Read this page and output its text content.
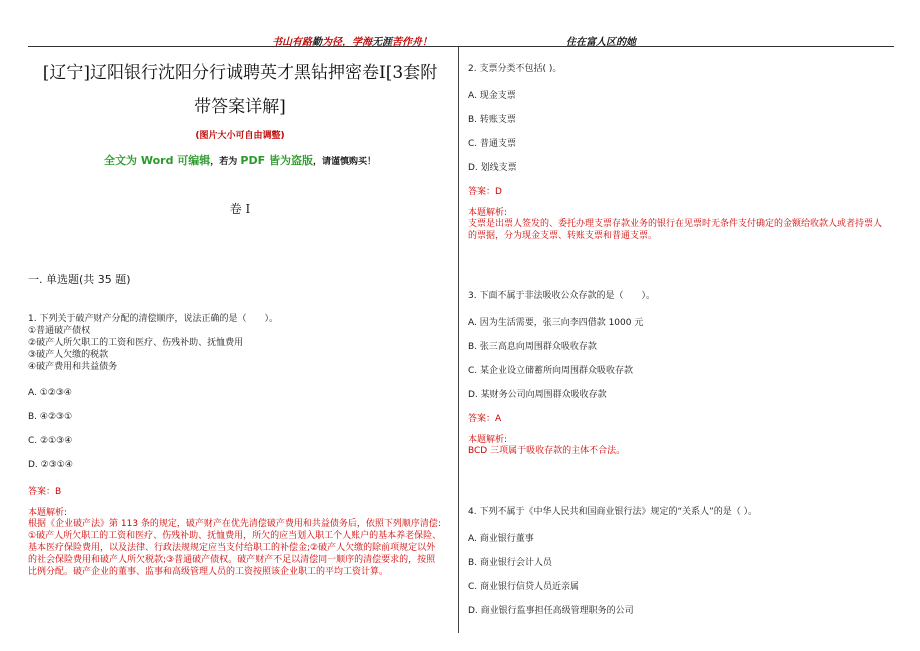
书山有路勤为径，学海无涯苦作舟！	住在富人区的她
[辽宁]辽阳银行沈阳分行诚聘英才黑钻押密卷I[3套附
带答案详解]
(图片大小可自由调整)
全文为 Word 可编辑，若为 PDF 皆为盗版，请谨慎购买！
卷 I
一. 单选题(共 35 题)
1. 下列关于破产财产分配的清偿顺序，说法正确的是（　　）。
①普通破产债权
②破产人所欠职工的工资和医疗、伤残补助、抚恤费用
③破产人欠缴的税款
④破产费用和共益债务
A. ①②③④
B. ④②③①
C. ②①③④
D. ②③①④
答案：B
本题解析:
根据《企业破产法》第 113 条的规定，破产财产在优先清偿破产费用和共益债务后，依照下列顺序清偿:
①破产人所欠职工的工资和医疗、伤残补助、抚恤费用，所欠的应当划入职工个人账户的基本养老保险、
基本医疗保险费用，以及法律、行政法规规定应当支付给职工的补偿金;②破产人欠缴的除前项规定以外
的社会保险费用和破产人所欠税款;③普通破产债权。破产财产不足以清偿同一顺序的清偿要求的，按照
比例分配。破产企业的董事、监事和高级管理人员的工资按照该企业职工的平均工资计算。
2. 支票分类不包括( )。
A. 现金支票
B. 转账支票
C. 普通支票
D. 划线支票
答案：D
本题解析:
支票是出票人签发的、委托办理支票存款业务的银行在见票时无条件支付确定的金额给收款人或者持票人
的票据，分为现金支票、转账支票和普通支票。
3. 下面不属于非法吸收公众存款的是（　　）。
A. 因为生活需要，张三向李四借款 1000 元
B. 张三高息向周围群众吸收存款
C. 某企业设立储蓄所向周围群众吸收存款
D. 某财务公司向周围群众吸收存款
答案：A
本题解析:
BCD 三项属于吸收存款的主体不合法。
4. 下列不属于《中华人民共和国商业银行法》规定的“关系人”的是（ ）。
A. 商业银行董事
B. 商业银行会计人员
C. 商业银行信贷人员近亲属
D. 商业银行监事担任高级管理职务的公司
